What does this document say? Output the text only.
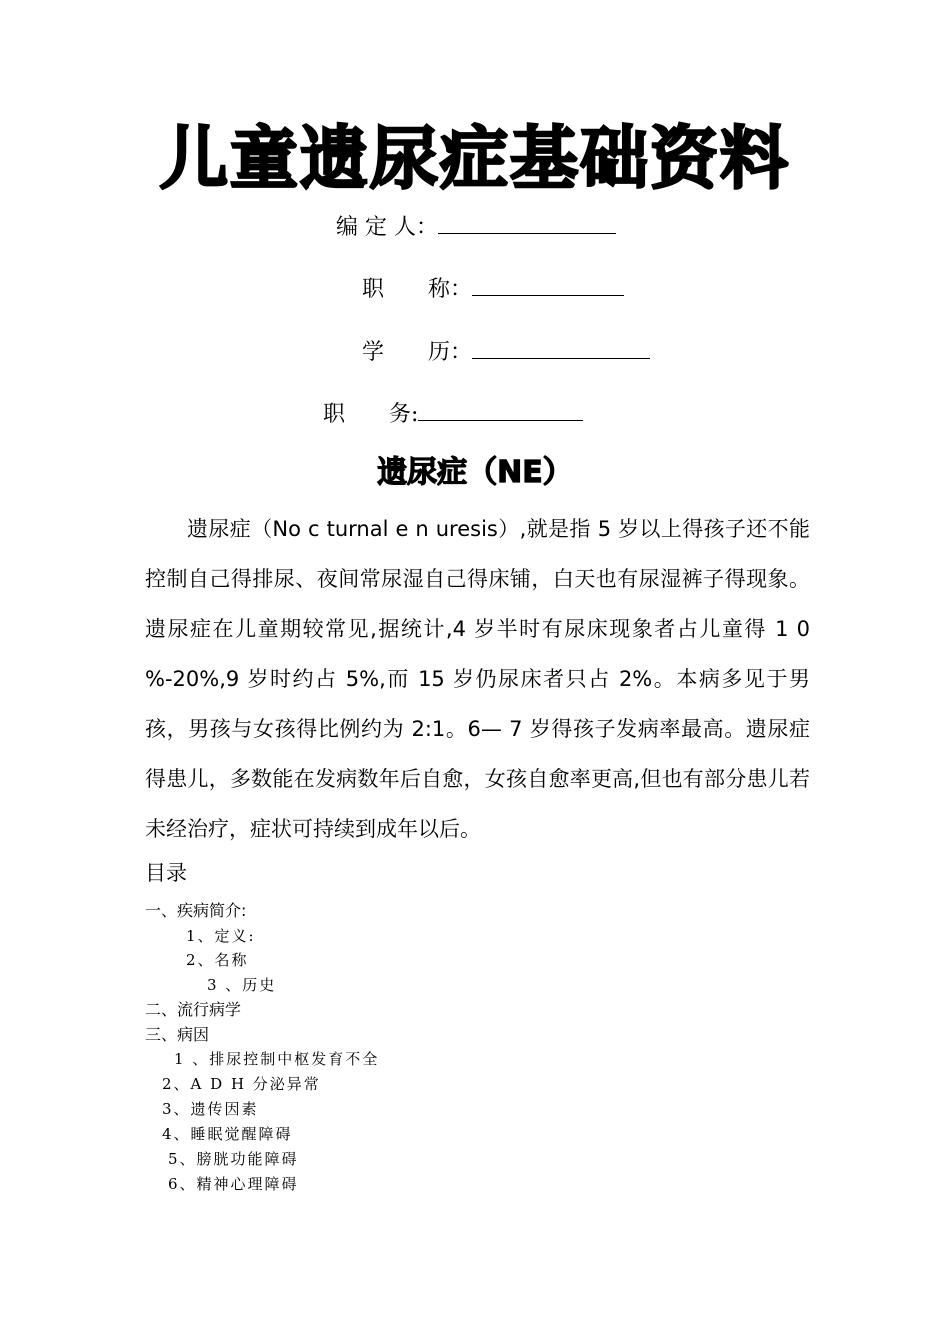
儿童遗尿症基础资料
编 定 人：
职　　称：
学　　历：
职　　务:
遗尿症（NE）

遗尿症（No c turnal e n uresis）,就是指 5 岁以上得孩子还不能控制自己得排尿、夜间常尿湿自己得床铺，白天也有尿湿裤子得现象。遗尿症在儿童期较常见,据统计,4 岁半时有尿床现象者占儿童得 1 0 %-20%,9 岁时约占 5%,而 15 岁仍尿床者只占 2%。本病多见于男孩，男孩与女孩得比例约为 2:1。6— 7 岁得孩子发病率最高。遗尿症得患儿，多数能在发病数年后自愈，女孩自愈率更高,但也有部分患儿若未经治疗，症状可持续到成年以后。

目录
一、疾病简介:
1、定义:
2、名称
3 、历史
二、流行病学
三、病因
1 、排尿控制中枢发育不全
2、A D H 分泌异常
3、遗传因素
4、睡眠觉醒障碍
5、膀胱功能障碍
6、精神心理障碍
